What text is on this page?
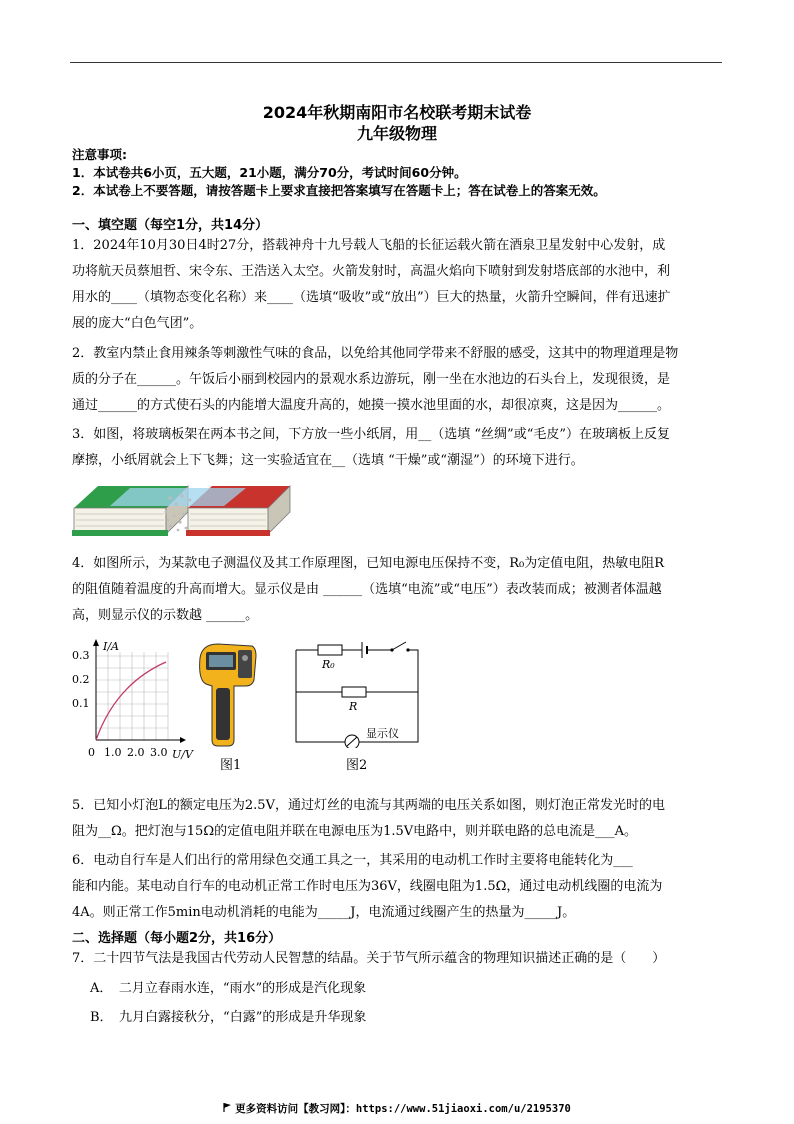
2024年秋期南阳市名校联考期末试卷
九年级物理
注意事项:
1．本试卷共6小页，五大题，21小题，满分70分，考试时间60分钟。
2．本试卷上不要答题，请按答题卡上要求直接把答案填写在答题卡上；答在试卷上的答案无效。
一、填空题（每空1分，共14分）
1．2024年10月30日4时27分，搭载神舟十九号载人飞船的长征运载火箭在酒泉卫星发射中心发射，成
功将航天员蔡旭哲、宋令东、王浩送入太空。火箭发射时，高温火焰向下喷射到发射塔底部的水池中，利
用水的____（填物态变化名称）来____（选填“吸收”或“放出”）巨大的热量，火箭升空瞬间，伴有迅速扩
展的庞大“白色气团”。
2．教室内禁止食用辣条等刺激性气味的食品，以免给其他同学带来不舒服的感受，这其中的物理道理是物
质的分子在______。午饭后小丽到校园内的景观水系边游玩，刚一坐在水池边的石头台上，发现很烫，是
通过______的方式使石头的内能增大温度升高的，她摸一摸水池里面的水，却很凉爽，这是因为______。
3．如图，将玻璃板架在两本书之间，下方放一些小纸屑，用__（选填 “丝绸”或“毛皮”）在玻璃板上反复
摩擦，小纸屑就会上下飞舞；这一实验适宜在__（选填 “干燥”或“潮湿”）的环境下进行。
4．如图所示，为某款电子测温仪及其工作原理图，已知电源电压保持不变，R₀为定值电阻，热敏电阻R
的阻值随着温度的升高而增大。显示仪是由 ______（选填“电流”或“电压”）表改装而成；被测者体温越
高，则显示仪的示数越 ______。
I/A
0.3
0.2
0.1
0 1.0 2.0 3.0 U/V
图1
R₀
R
显示仪
图2
5．已知小灯泡L的额定电压为2.5V，通过灯丝的电流与其两端的电压关系如图，则灯泡正常发光时的电
阻为__Ω。把灯泡与15Ω的定值电阻并联在电源电压为1.5V电路中，则并联电路的总电流是___A。
6．电动自行车是人们出行的常用绿色交通工具之一，其采用的电动机工作时主要将电能转化为___
能和内能。某电动自行车的电动机正常工作时电压为36V，线圈电阻为1.5Ω，通过电动机线圈的电流为
4A。则正常工作5min电动机消耗的电能为_____J，电流通过线圈产生的热量为_____J。
二、选择题（每小题2分，共16分）
7．二十四节气法是我国古代劳动人民智慧的结晶。关于节气所示蕴含的物理知识描述正确的是（　　）
A．　二月立春雨水连，“雨水”的形成是汽化现象
B．　九月白露接秋分，“白露”的形成是升华现象
更多资料访问【教习网】：https://www.51jiaoxi.com/u/2195370
